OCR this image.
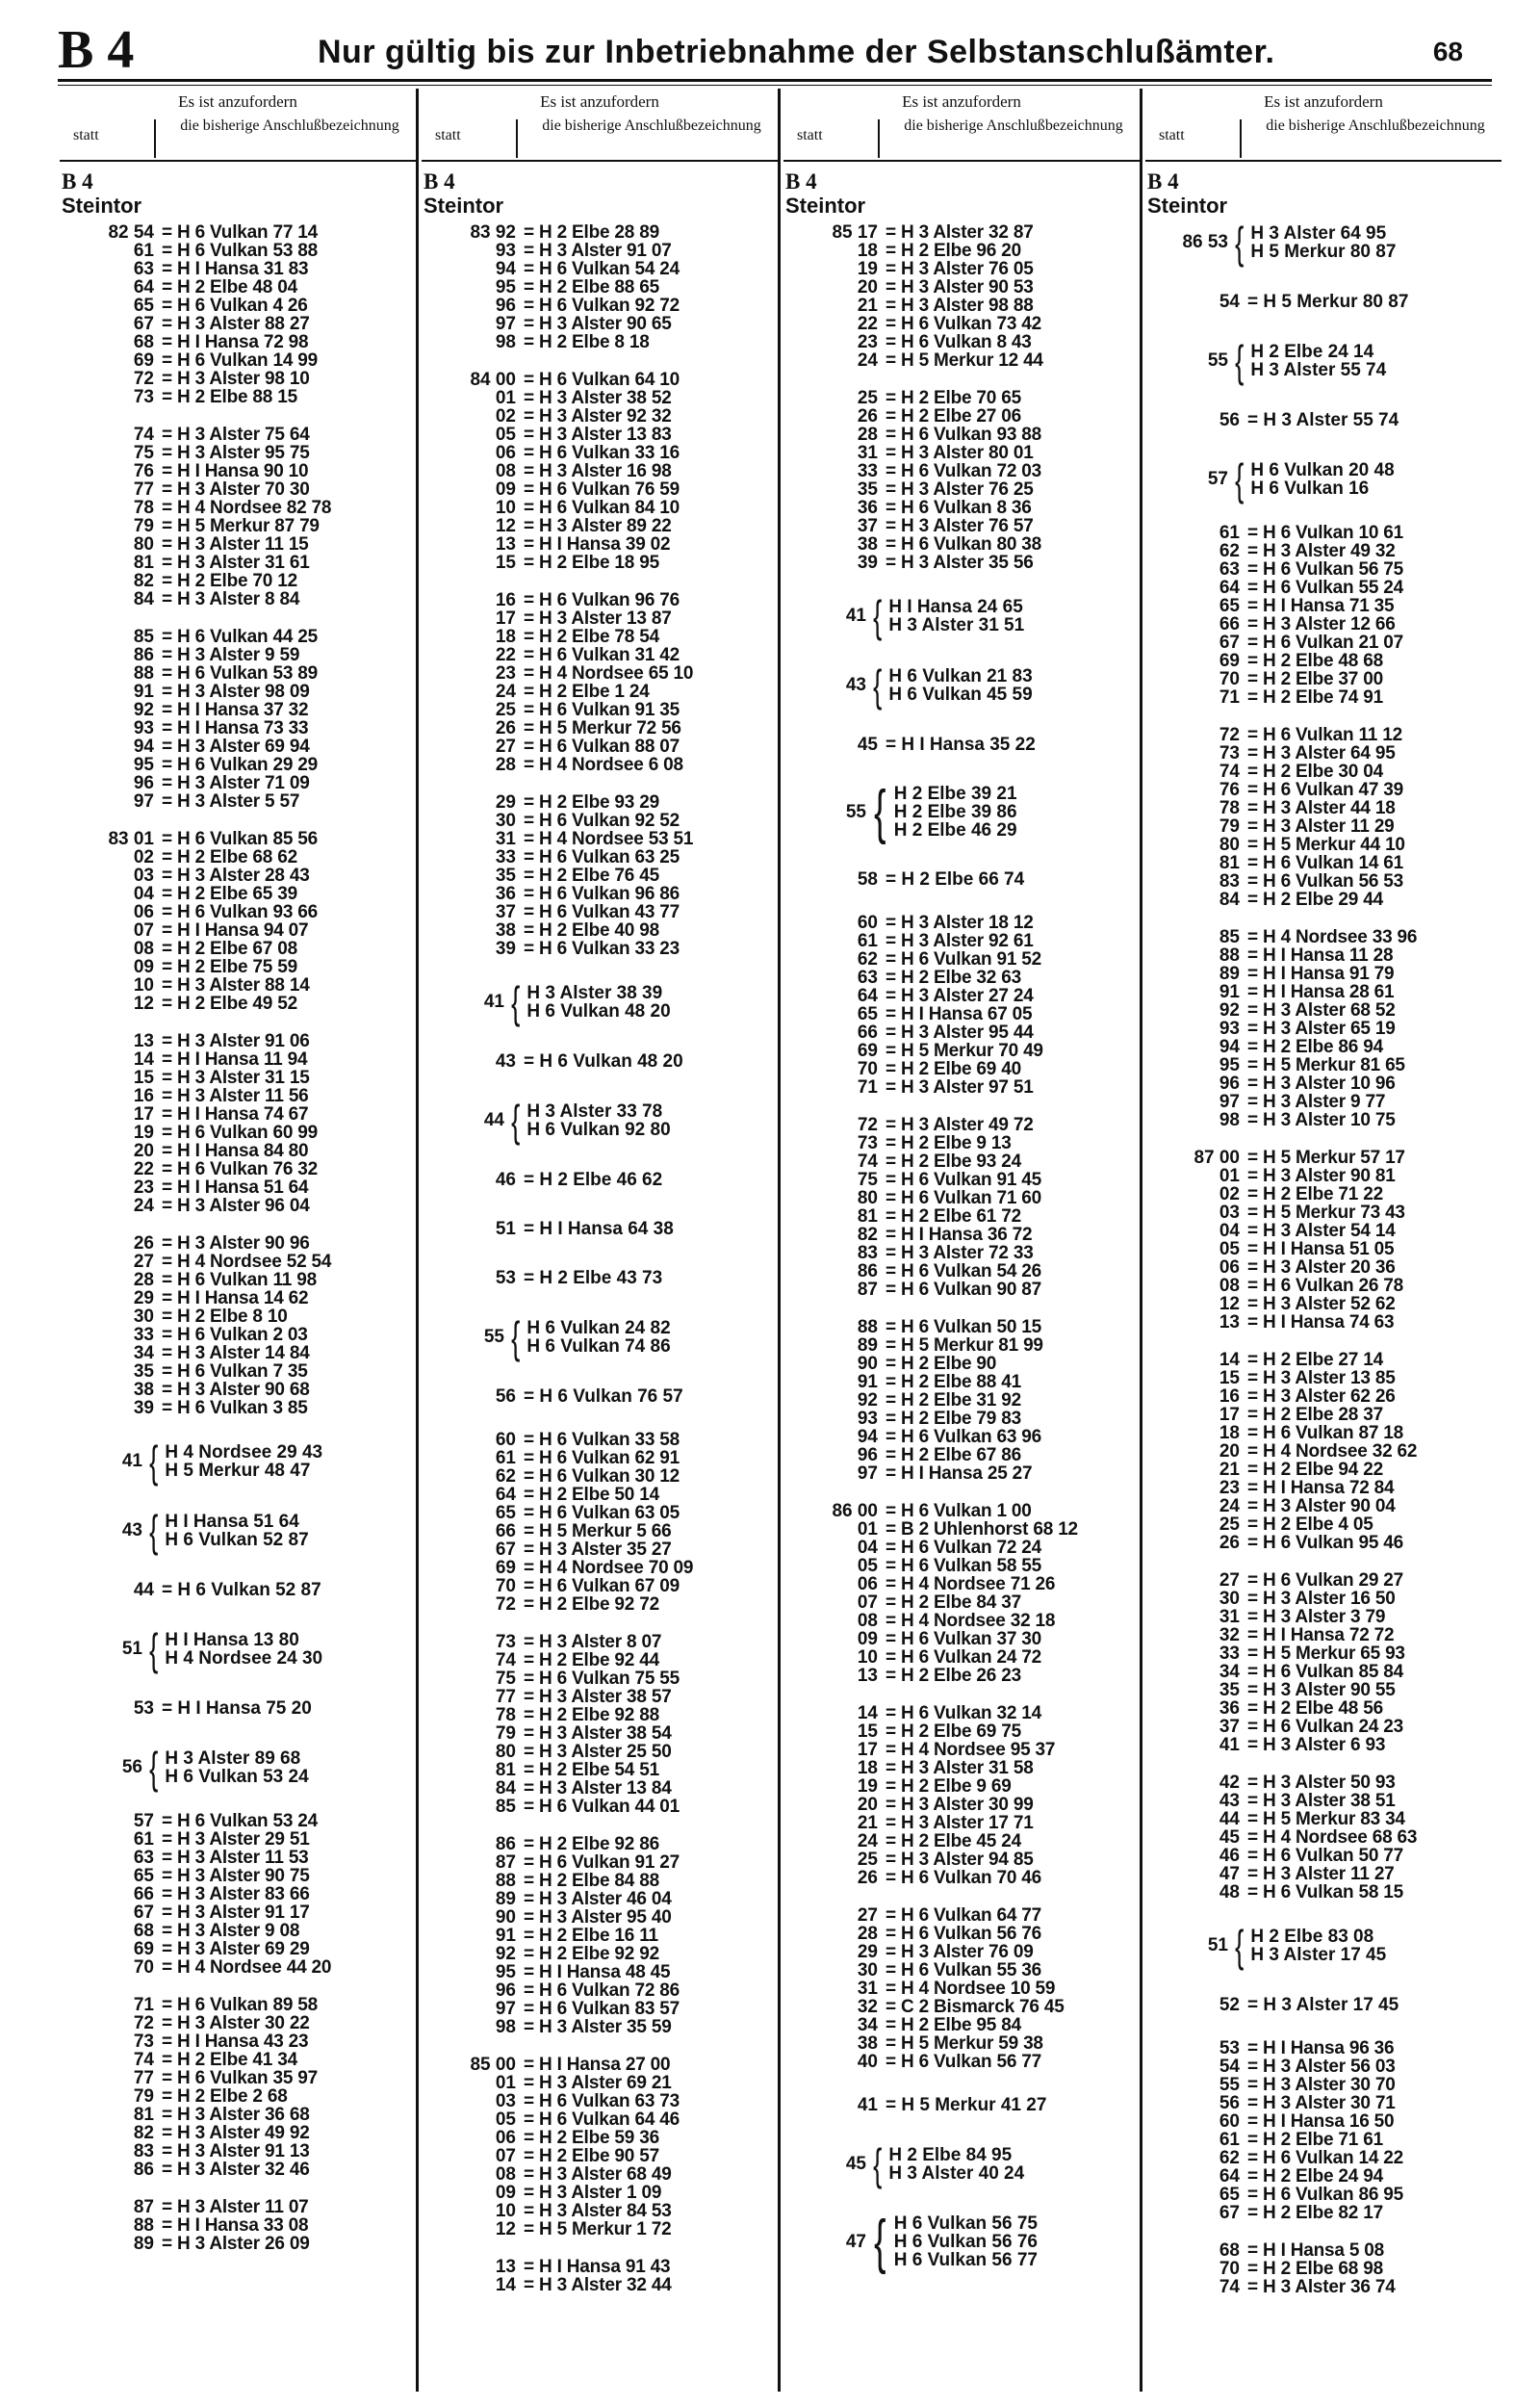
B 4	Nur gültig bis zur Inbetriebnahme der Selbstanschlußämter.	68
Es ist anzufordern
statt
die bisherige Anschlußbezeichnung
B 4
Steintor
82 54 = H 6 Vulkan 77 14
61 = H 6 Vulkan 53 88
63 = H I Hansa 31 83
64 = H 2 Elbe 48 04
65 = H 6 Vulkan 4 26
67 = H 3 Alster 88 27
68 = H I Hansa 72 98
69 = H 6 Vulkan 14 99
72 = H 3 Alster 98 10
73 = H 2 Elbe 88 15
74 = H 3 Alster 75 64
75 = H 3 Alster 95 75
76 = H I Hansa 90 10
77 = H 3 Alster 70 30
78 = H 4 Nordsee 82 78
79 = H 5 Merkur 87 79
80 = H 3 Alster 11 15
81 = H 3 Alster 31 61
82 = H 2 Elbe 70 12
84 = H 3 Alster 8 84
85 = H 6 Vulkan 44 25
86 = H 3 Alster 9 59
88 = H 6 Vulkan 53 89
91 = H 3 Alster 98 09
92 = H I Hansa 37 32
93 = H I Hansa 73 33
94 = H 3 Alster 69 94
95 = H 6 Vulkan 29 29
96 = H 3 Alster 71 09
97 = H 3 Alster 5 57
83 01 = H 6 Vulkan 85 56
02 = H 2 Elbe 68 62
03 = H 3 Alster 28 43
04 = H 2 Elbe 65 39
06 = H 6 Vulkan 93 66
07 = H I Hansa 94 07
08 = H 2 Elbe 67 08
09 = H 2 Elbe 75 59
10 = H 3 Alster 88 14
12 = H 2 Elbe 49 52
13 = H 3 Alster 91 06
14 = H I Hansa 11 94
15 = H 3 Alster 31 15
16 = H 3 Alster 11 56
17 = H I Hansa 74 67
19 = H 6 Vulkan 60 99
20 = H I Hansa 84 80
22 = H 6 Vulkan 76 32
23 = H I Hansa 51 64
24 = H 3 Alster 96 04
26 = H 3 Alster 90 96
27 = H 4 Nordsee 52 54
28 = H 6 Vulkan 11 98
29 = H I Hansa 14 62
30 = H 2 Elbe 8 10
33 = H 6 Vulkan 2 03
34 = H 3 Alster 14 84
35 = H 6 Vulkan 7 35
38 = H 3 Alster 90 68
39 = H 6 Vulkan 3 85
41 { H 4 Nordsee 29 43
H 5 Merkur 48 47
43 { H I Hansa 51 64
H 6 Vulkan 52 87
44 = H 6 Vulkan 52 87
51 { H I Hansa 13 80
H 4 Nordsee 24 30
53 = H I Hansa 75 20
56 { H 3 Alster 89 68
H 6 Vulkan 53 24
57 = H 6 Vulkan 53 24
61 = H 3 Alster 29 51
63 = H 3 Alster 11 53
65 = H 3 Alster 90 75
66 = H 3 Alster 83 66
67 = H 3 Alster 91 17
68 = H 3 Alster 9 08
69 = H 3 Alster 69 29
70 = H 4 Nordsee 44 20
71 = H 6 Vulkan 89 58
72 = H 3 Alster 30 22
73 = H I Hansa 43 23
74 = H 2 Elbe 41 34
77 = H 6 Vulkan 35 97
79 = H 2 Elbe 2 68
81 = H 3 Alster 36 68
82 = H 3 Alster 49 92
83 = H 3 Alster 91 13
86 = H 3 Alster 32 46
87 = H 3 Alster 11 07
88 = H I Hansa 33 08
89 = H 3 Alster 26 09
Es ist anzufordern
statt
die bisherige Anschlußbezeichnung
B 4
Steintor
83 92 = H 2 Elbe 28 89
93 = H 3 Alster 91 07
94 = H 6 Vulkan 54 24
95 = H 2 Elbe 88 65
96 = H 6 Vulkan 92 72
97 = H 3 Alster 90 65
98 = H 2 Elbe 8 18
84 00 = H 6 Vulkan 64 10
01 = H 3 Alster 38 52
02 = H 3 Alster 92 32
05 = H 3 Alster 13 83
06 = H 6 Vulkan 33 16
08 = H 3 Alster 16 98
09 = H 6 Vulkan 76 59
10 = H 6 Vulkan 84 10
12 = H 3 Alster 89 22
13 = H I Hansa 39 02
15 = H 2 Elbe 18 95
16 = H 6 Vulkan 96 76
17 = H 3 Alster 13 87
18 = H 2 Elbe 78 54
22 = H 6 Vulkan 31 42
23 = H 4 Nordsee 65 10
24 = H 2 Elbe 1 24
25 = H 6 Vulkan 91 35
26 = H 5 Merkur 72 56
27 = H 6 Vulkan 88 07
28 = H 4 Nordsee 6 08
29 = H 2 Elbe 93 29
30 = H 6 Vulkan 92 52
31 = H 4 Nordsee 53 51
33 = H 6 Vulkan 63 25
35 = H 2 Elbe 76 45
36 = H 6 Vulkan 96 86
37 = H 6 Vulkan 43 77
38 = H 2 Elbe 40 98
39 = H 6 Vulkan 33 23
41 { H 3 Alster 38 39
H 6 Vulkan 48 20
43 = H 6 Vulkan 48 20
44 { H 3 Alster 33 78
H 6 Vulkan 92 80
46 = H 2 Elbe 46 62
51 = H I Hansa 64 38
53 = H 2 Elbe 43 73
55 { H 6 Vulkan 24 82
H 6 Vulkan 74 86
56 = H 6 Vulkan 76 57
60 = H 6 Vulkan 33 58
61 = H 6 Vulkan 62 91
62 = H 6 Vulkan 30 12
64 = H 2 Elbe 50 14
65 = H 6 Vulkan 63 05
66 = H 5 Merkur 5 66
67 = H 3 Alster 35 27
69 = H 4 Nordsee 70 09
70 = H 6 Vulkan 67 09
72 = H 2 Elbe 92 72
73 = H 3 Alster 8 07
74 = H 2 Elbe 92 44
75 = H 6 Vulkan 75 55
77 = H 3 Alster 38 57
78 = H 2 Elbe 92 88
79 = H 3 Alster 38 54
80 = H 3 Alster 25 50
81 = H 2 Elbe 54 51
84 = H 3 Alster 13 84
85 = H 6 Vulkan 44 01
86 = H 2 Elbe 92 86
87 = H 6 Vulkan 91 27
88 = H 2 Elbe 84 88
89 = H 3 Alster 46 04
90 = H 3 Alster 95 40
91 = H 2 Elbe 16 11
92 = H 2 Elbe 92 92
95 = H I Hansa 48 45
96 = H 6 Vulkan 72 86
97 = H 6 Vulkan 83 57
98 = H 3 Alster 35 59
85 00 = H I Hansa 27 00
01 = H 3 Alster 69 21
03 = H 6 Vulkan 63 73
05 = H 6 Vulkan 64 46
06 = H 2 Elbe 59 36
07 = H 2 Elbe 90 57
08 = H 3 Alster 68 49
09 = H 3 Alster 1 09
10 = H 3 Alster 84 53
12 = H 5 Merkur 1 72
13 = H I Hansa 91 43
14 = H 3 Alster 32 44
Es ist anzufordern
statt
die bisherige Anschlußbezeichnung
B 4
Steintor
85 17 = H 3 Alster 32 87
18 = H 2 Elbe 96 20
19 = H 3 Alster 76 05
20 = H 3 Alster 90 53
21 = H 3 Alster 98 88
22 = H 6 Vulkan 73 42
23 = H 6 Vulkan 8 43
24 = H 5 Merkur 12 44
25 = H 2 Elbe 70 65
26 = H 2 Elbe 27 06
28 = H 6 Vulkan 93 88
31 = H 3 Alster 80 01
33 = H 6 Vulkan 72 03
35 = H 3 Alster 76 25
36 = H 6 Vulkan 8 36
37 = H 3 Alster 76 57
38 = H 6 Vulkan 80 38
39 = H 3 Alster 35 56
41 { H I Hansa 24 65
H 3 Alster 31 51
43 { H 6 Vulkan 21 83
H 6 Vulkan 45 59
45 = H I Hansa 35 22
55 { H 2 Elbe 39 21
H 2 Elbe 39 86
H 2 Elbe 46 29
58 = H 2 Elbe 66 74
60 = H 3 Alster 18 12
61 = H 3 Alster 92 61
62 = H 6 Vulkan 91 52
63 = H 2 Elbe 32 63
64 = H 3 Alster 27 24
65 = H I Hansa 67 05
66 = H 3 Alster 95 44
69 = H 5 Merkur 70 49
70 = H 2 Elbe 69 40
71 = H 3 Alster 97 51
72 = H 3 Alster 49 72
73 = H 2 Elbe 9 13
74 = H 2 Elbe 93 24
75 = H 6 Vulkan 91 45
80 = H 6 Vulkan 71 60
81 = H 2 Elbe 61 72
82 = H I Hansa 36 72
83 = H 3 Alster 72 33
86 = H 6 Vulkan 54 26
87 = H 6 Vulkan 90 87
88 = H 6 Vulkan 50 15
89 = H 5 Merkur 81 99
90 = H 2 Elbe 90
91 = H 2 Elbe 88 41
92 = H 2 Elbe 31 92
93 = H 2 Elbe 79 83
94 = H 6 Vulkan 63 96
96 = H 2 Elbe 67 86
97 = H I Hansa 25 27
86 00 = H 6 Vulkan 1 00
01 = B 2 Uhlenhorst 68 12
04 = H 6 Vulkan 72 24
05 = H 6 Vulkan 58 55
06 = H 4 Nordsee 71 26
07 = H 2 Elbe 84 37
08 = H 4 Nordsee 32 18
09 = H 6 Vulkan 37 30
10 = H 6 Vulkan 24 72
13 = H 2 Elbe 26 23
14 = H 6 Vulkan 32 14
15 = H 2 Elbe 69 75
17 = H 4 Nordsee 95 37
18 = H 3 Alster 31 58
19 = H 2 Elbe 9 69
20 = H 3 Alster 30 99
21 = H 3 Alster 17 71
24 = H 2 Elbe 45 24
25 = H 3 Alster 94 85
26 = H 6 Vulkan 70 46
27 = H 6 Vulkan 64 77
28 = H 6 Vulkan 56 76
29 = H 3 Alster 76 09
30 = H 6 Vulkan 55 36
31 = H 4 Nordsee 10 59
32 = C 2 Bismarck 76 45
34 = H 2 Elbe 95 84
38 = H 5 Merkur 59 38
40 = H 6 Vulkan 56 77
41 = H 5 Merkur 41 27
45 { H 2 Elbe 84 95
H 3 Alster 40 24
47 { H 6 Vulkan 56 75
H 6 Vulkan 56 76
H 6 Vulkan 56 77
Es ist anzufordern
statt
die bisherige Anschlußbezeichnung
B 4
Steintor
86 53 { H 3 Alster 64 95
H 5 Merkur 80 87
54 = H 5 Merkur 80 87
55 { H 2 Elbe 24 14
H 3 Alster 55 74
56 = H 3 Alster 55 74
57 { H 6 Vulkan 20 48
H 6 Vulkan 16
61 = H 6 Vulkan 10 61
62 = H 3 Alster 49 32
63 = H 6 Vulkan 56 75
64 = H 6 Vulkan 55 24
65 = H I Hansa 71 35
66 = H 3 Alster 12 66
67 = H 6 Vulkan 21 07
69 = H 2 Elbe 48 68
70 = H 2 Elbe 37 00
71 = H 2 Elbe 74 91
72 = H 6 Vulkan 11 12
73 = H 3 Alster 64 95
74 = H 2 Elbe 30 04
76 = H 6 Vulkan 47 39
78 = H 3 Alster 44 18
79 = H 3 Alster 11 29
80 = H 5 Merkur 44 10
81 = H 6 Vulkan 14 61
83 = H 6 Vulkan 56 53
84 = H 2 Elbe 29 44
85 = H 4 Nordsee 33 96
88 = H I Hansa 11 28
89 = H I Hansa 91 79
91 = H I Hansa 28 61
92 = H 3 Alster 68 52
93 = H 3 Alster 65 19
94 = H 2 Elbe 86 94
95 = H 5 Merkur 81 65
96 = H 3 Alster 10 96
97 = H 3 Alster 9 77
98 = H 3 Alster 10 75
87 00 = H 5 Merkur 57 17
01 = H 3 Alster 90 81
02 = H 2 Elbe 71 22
03 = H 5 Merkur 73 43
04 = H 3 Alster 54 14
05 = H I Hansa 51 05
06 = H 3 Alster 20 36
08 = H 6 Vulkan 26 78
12 = H 3 Alster 52 62
13 = H I Hansa 74 63
14 = H 2 Elbe 27 14
15 = H 3 Alster 13 85
16 = H 3 Alster 62 26
17 = H 2 Elbe 28 37
18 = H 6 Vulkan 87 18
20 = H 4 Nordsee 32 62
21 = H 2 Elbe 94 22
23 = H I Hansa 72 84
24 = H 3 Alster 90 04
25 = H 2 Elbe 4 05
26 = H 6 Vulkan 95 46
27 = H 6 Vulkan 29 27
30 = H 3 Alster 16 50
31 = H 3 Alster 3 79
32 = H I Hansa 72 72
33 = H 5 Merkur 65 93
34 = H 6 Vulkan 85 84
35 = H 3 Alster 90 55
36 = H 2 Elbe 48 56
37 = H 6 Vulkan 24 23
41 = H 3 Alster 6 93
42 = H 3 Alster 50 93
43 = H 3 Alster 38 51
44 = H 5 Merkur 83 34
45 = H 4 Nordsee 68 63
46 = H 6 Vulkan 50 77
47 = H 3 Alster 11 27
48 = H 6 Vulkan 58 15
51 { H 2 Elbe 83 08
H 3 Alster 17 45
52 = H 3 Alster 17 45
53 = H I Hansa 96 36
54 = H 3 Alster 56 03
55 = H 3 Alster 30 70
56 = H 3 Alster 30 71
60 = H I Hansa 16 50
61 = H 2 Elbe 71 61
62 = H 6 Vulkan 14 22
64 = H 2 Elbe 24 94
65 = H 6 Vulkan 86 95
67 = H 2 Elbe 82 17
68 = H I Hansa 5 08
70 = H 2 Elbe 68 98
74 = H 3 Alster 36 74
